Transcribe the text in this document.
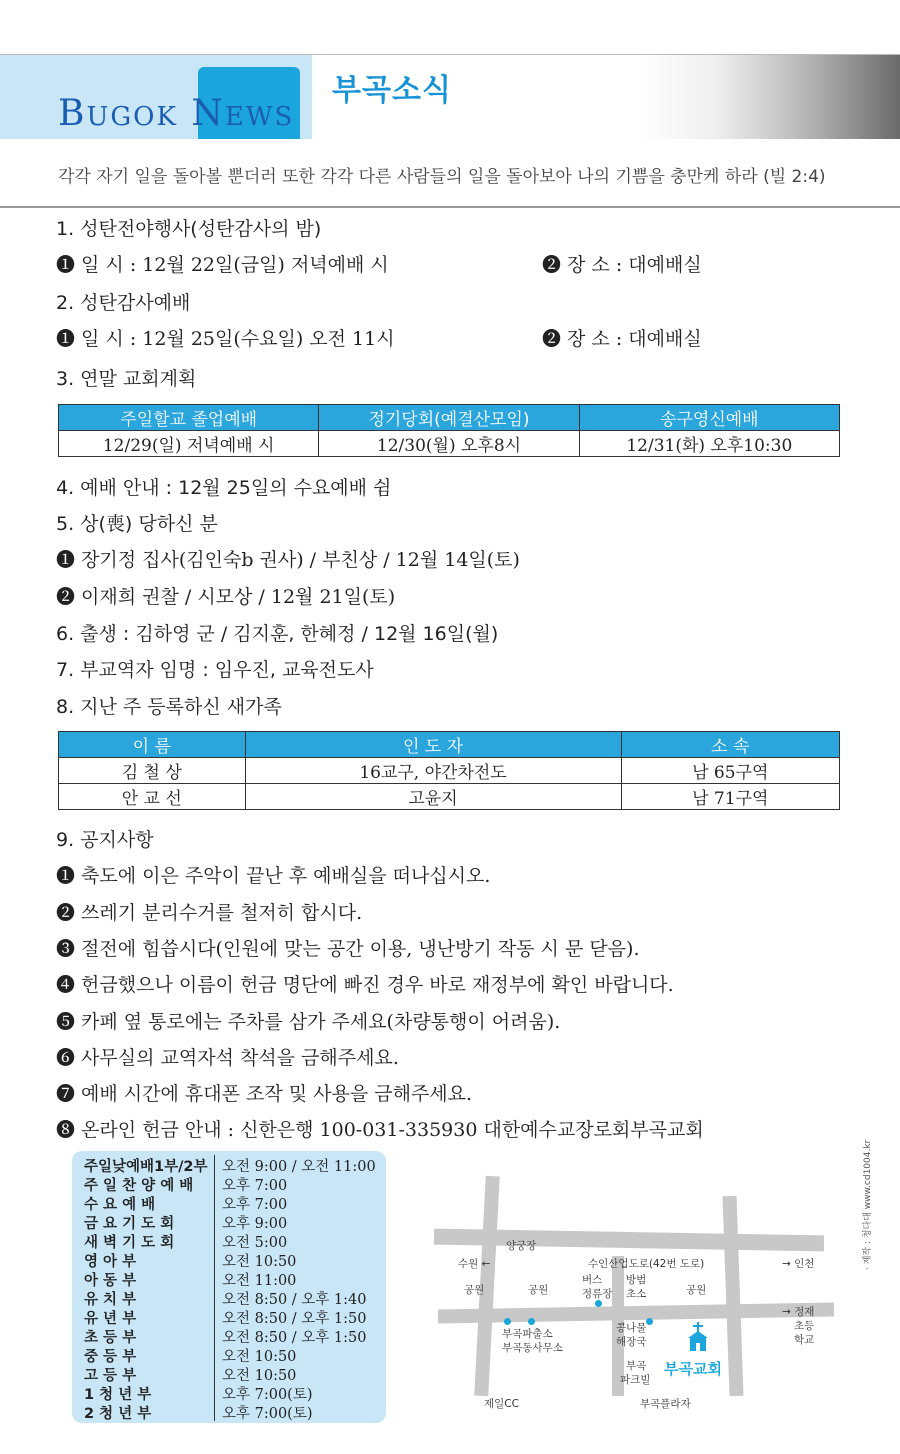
BUGOK NEWS
부곡소식
각각 자기 일을 돌아볼 뿐더러 또한 각각 다른 사람들의 일을 돌아보아 나의 기쁨을 충만케 하라 (빌 2:4)
1. 성탄전야행사(성탄감사의 밤)
❶ 일 시 : 12월 22일(금일) 저녁예배 시	❷ 장 소 : 대예배실
2. 성탄감사예배
❶ 일 시 : 12월 25일(수요일) 오전 11시	❷ 장 소 : 대예배실
3. 연말 교회계획
주일할교 졸업예배	정기당회(예결산모임)	송구영신예배
12/29(일) 저녁예배 시	12/30(월) 오후8시	12/31(화) 오후10:30
4. 예배 안내 : 12월 25일의 수요예배 쉼
5. 상(喪) 당하신 분
❶ 장기정 집사(김인숙b 권사) / 부친상 / 12월 14일(토)
❷ 이재희 권찰 / 시모상 / 12월 21일(토)
6. 출생 : 김하영 군 / 김지훈, 한혜정 / 12월 16일(월)
7. 부교역자 임명 : 임우진, 교육전도사
8. 지난 주 등록하신 새가족
이 름	인 도 자	소 속
김 철 상	16교구, 야간차전도	남 65구역
안 교 선	고윤지	남 71구역
9. 공지사항
❶ 축도에 이은 주악이 끝난 후 예배실을 떠나십시오.
❷ 쓰레기 분리수거를 철저히 합시다.
❸ 절전에 힘씁시다(인원에 맞는 공간 이용, 냉난방기 작동 시 문 닫음).
❹ 헌금했으나 이름이 헌금 명단에 빠진 경우 바로 재정부에 확인 바랍니다.
❺ 카페 옆 통로에는 주차를 삼가 주세요(차량통행이 어려움).
❻ 사무실의 교역자석 착석을 금해주세요.
❼ 예배 시간에 휴대폰 조작 및 사용을 금해주세요.
❽ 온라인 헌금 안내 : 신한은행 100-031-335930 대한예수교장로회부곡교회
주일낮예배1부/2부 오전 9:00 / 오전 11:00
주 일 찬 양 예 배	오후 7:00
수 요 예 배	오후 7:00
금 요 기 도 회	오후 9:00
새 벽 기 도 회	오전 5:00
영 아 부	오전 10:50
아 동 부	오전 11:00
유 치 부	오전 8:50 / 오후 1:40
유 년 부	오전 8:50 / 오후 1:50
초 등 부	오전 8:50 / 오후 1:50
중 등 부	오전 10:50
고 등 부	오전 10:50
1 청 년 부	오후 7:00(토)
2 청 년 부	오후 7:00(토)
양궁장
수원 ←	수인산업도로(42번 도로)	→ 인천
공원	공원
버스
정류장
방범
초소	공원
→ 정재
초등
학교
부곡파출소
부곡동사무소
콩나물
해장국
부곡
파크빌
부곡교회
제일CC	부곡플라자
· 제작 : 청다대 www.cd1004.kr
